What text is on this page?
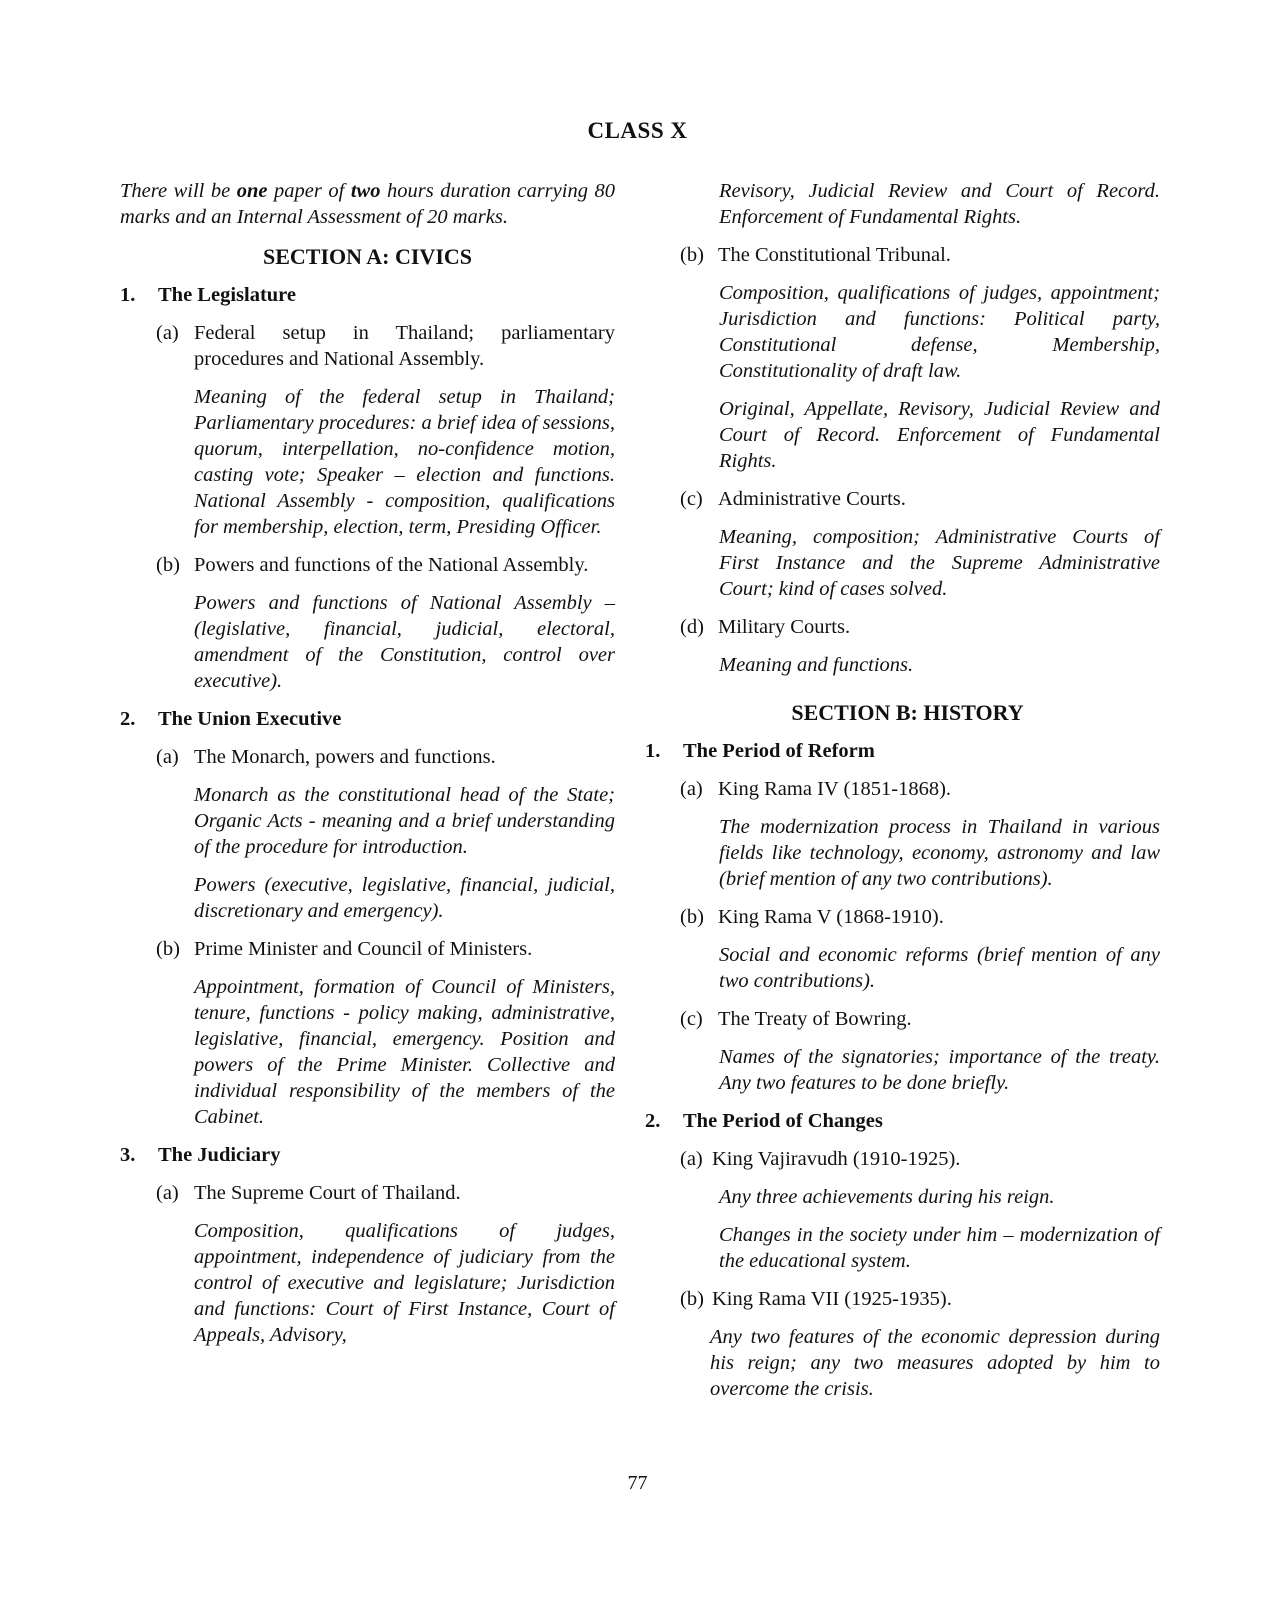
CLASS X

There will be one paper of two hours duration carrying 80 marks and an Internal Assessment of 20 marks.

SECTION A: CIVICS
1.	The Legislature
(a) Federal setup in Thailand; parliamentary procedures and National Assembly.

Meaning of the federal setup in Thailand; Parliamentary procedures: a brief idea of sessions, quorum, interpellation, no-confidence motion, casting vote; Speaker – election and functions. National Assembly - composition, qualifications for membership, election, term, Presiding Officer.

(b) Powers and functions of the National Assembly.

Powers and functions of National Assembly – (legislative, financial, judicial, electoral, amendment of the Constitution, control over executive).

2.	The Union Executive
(a) The Monarch, powers and functions.

Monarch as the constitutional head of the State; Organic Acts - meaning and a brief understanding of the procedure for introduction.

Powers (executive, legislative, financial, judicial, discretionary and emergency).

(b) Prime Minister and Council of Ministers.

Appointment, formation of Council of Ministers, tenure, functions - policy making, administrative, legislative, financial, emergency. Position and powers of the Prime Minister. Collective and individual responsibility of the members of the Cabinet.

3.	The Judiciary
(a) The Supreme Court of Thailand.

Composition, qualifications of judges, appointment, independence of judiciary from the control of executive and legislature; Jurisdiction and functions: Court of First Instance, Court of Appeals, Advisory,

Revisory, Judicial Review and Court of Record. Enforcement of Fundamental Rights.

(b) The Constitutional Tribunal.

Composition, qualifications of judges, appointment; Jurisdiction and functions: Political party, Constitutional defense, Membership, Constitutionality of draft law.

Original, Appellate, Revisory, Judicial Review and Court of Record. Enforcement of Fundamental Rights.

(c) Administrative Courts.

Meaning, composition; Administrative Courts of First Instance and the Supreme Administrative Court; kind of cases solved.

(d) Military Courts.

Meaning and functions.

SECTION B: HISTORY
1.	The Period of Reform
(a) King Rama IV (1851-1868).

The modernization process in Thailand in various fields like technology, economy, astronomy and law (brief mention of any two contributions).

(b) King Rama V (1868-1910).

Social and economic reforms (brief mention of any two contributions).

(c) The Treaty of Bowring.

Names of the signatories; importance of the treaty. Any two features to be done briefly.

2.	The Period of Changes
(a) King Vajiravudh (1910-1925).

Any three achievements during his reign.

Changes in the society under him – modernization of the educational system.

(b) King Rama VII (1925-1935).

Any two features of the economic depression during his reign; any two measures adopted by him to overcome the crisis.

77
